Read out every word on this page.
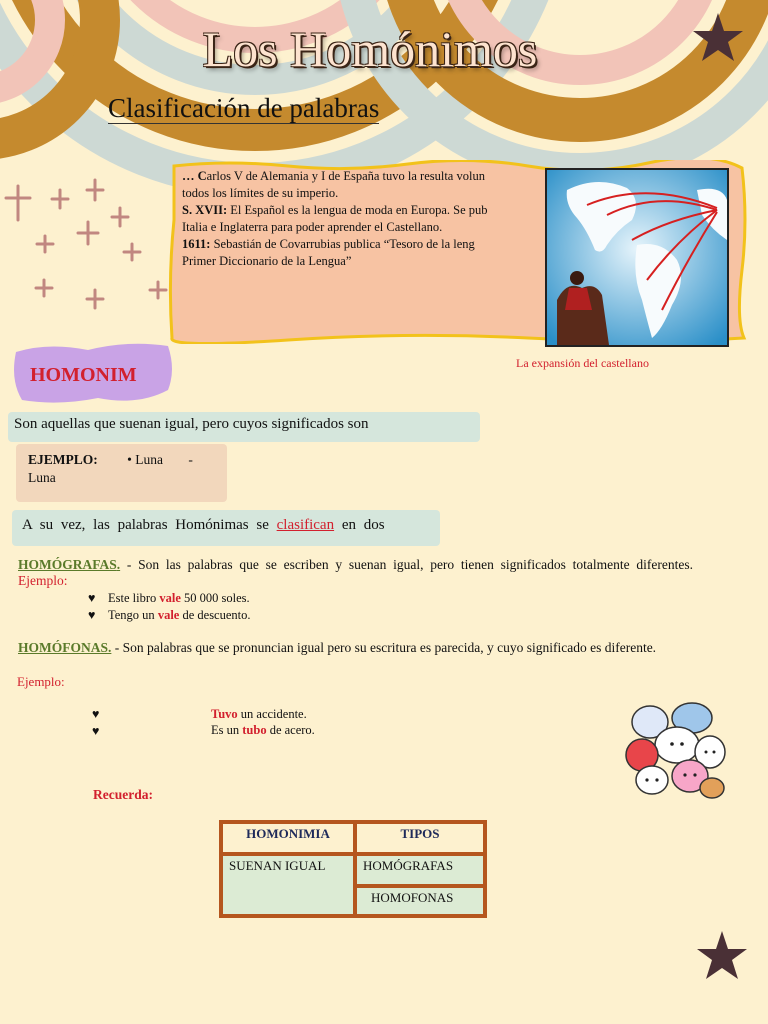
Los Homónimos
Clasificación de palabras

… Carlos V de Alemania y I de España tuvo la resulta volun

todos los límites de su imperio.

S. XVII: El Español es la lengua de moda en Europa. Se pub

Italia e Inglaterra para poder aprender el Castellano.

1611: Sebastián de Covarrubias publica “Tesoro de la leng

Primer Diccionario de la Lengua”

La expansión del castellano
HOMONIM
Son aquellas que suenan igual, pero cuyos significados son
EJEMPLO: • Luna -
Luna
A su vez, las palabras Homónimas se clasifican en dos
HOMÓGRAFAS. - Son las palabras que se escriben y suenan igual, pero tienen significados totalmente diferentes. Ejemplo:
♥ Este libro vale 50 000 soles.
♥ Tengo un vale de descuento.
HOMÓFONAS. - Son palabras que se pronuncian igual pero su escritura es parecida, y cuyo significado es diferente.
Ejemplo:
♥	Tuvo un accidente.
♥	Es un tubo de acero.
Recuerda:
HOMONIMIA	TIPOS
SUENAN IGUAL	HOMÓGRAFAS
	HOMOFONAS
